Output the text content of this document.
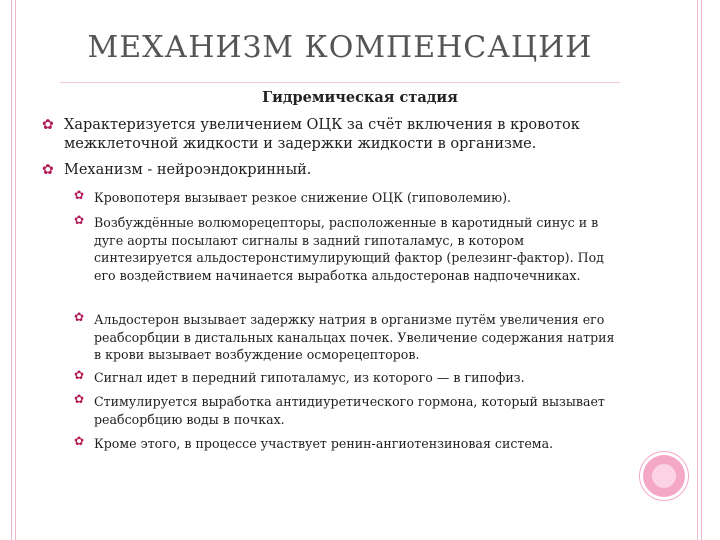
МЕХАНИЗМ КОМПЕНСАЦИИ
Гидремическая стадия
✿ Характеризуется увеличением ОЦК за счёт включения в кровоток межклеточной жидкости и задержки жидкости в организме.
✿ Механизм - нейроэндокринный.
✿ Кровопотеря вызывает резкое снижение ОЦК (гиповолемию).
✿ Возбуждённые волюморецепторы, расположенные в каротидный синус и в дуге аорты посылают сигналы в задний гипоталамус, в котором синтезируется альдостеронстимулирующий фактор (релезинг-фактор). Под его воздействием начинается выработка альдостеронав надпочечниках.
✿ Альдостерон вызывает задержку натрия в организме путём увеличения его реабсорбции в дистальных канальцах почек. Увеличение содержания натрия в крови вызывает возбуждение осморецепторов.
✿ Сигнал идет в передний гипоталамус, из которого — в гипофиз.
✿ Стимулируется выработка антидиуретического гормона, который вызывает реабсорбцию воды в почках.
✿ Кроме этого, в процессе участвует ренин-ангиотензиновая система.
